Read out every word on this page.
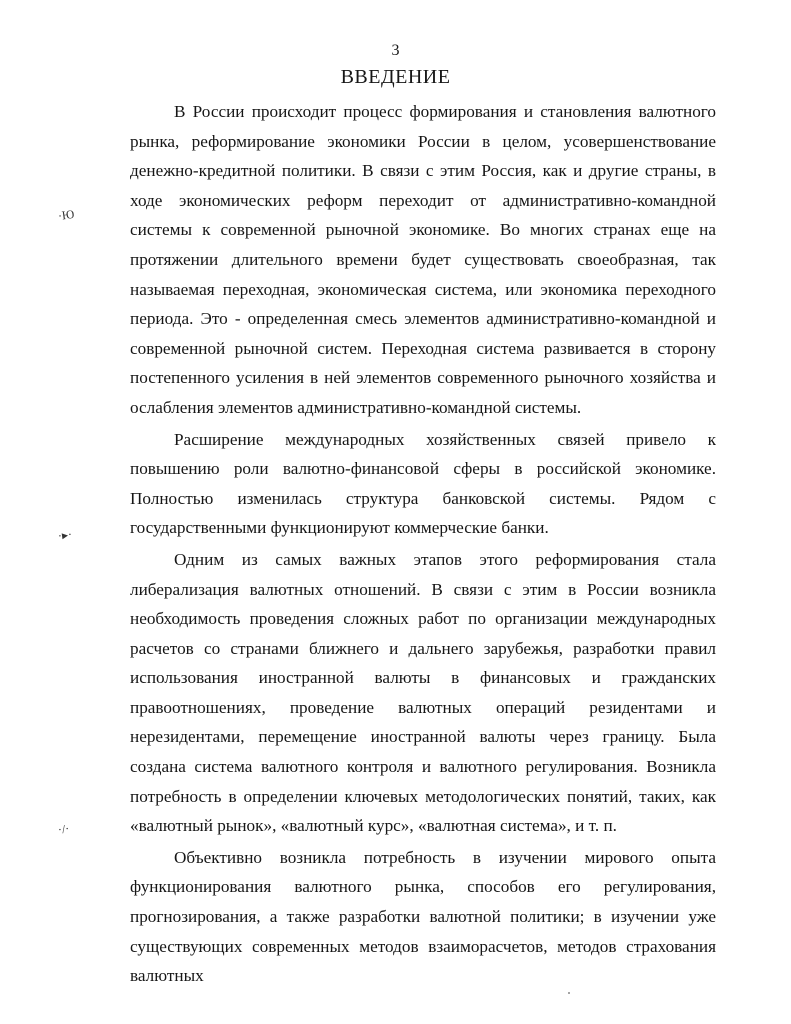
3
ВВЕДЕНИЕ

В России происходит процесс формирования и становления валютного рынка, реформирование экономики России в целом, усовершенствование денежно-кредитной политики. В связи с этим Россия, как и другие страны, в ходе экономических реформ переходит от административно-командной системы к современной рыночной экономике. Во многих странах еще на протяжении длительного времени будет существовать своеобразная, так называемая переходная, экономическая система, или экономика переходного периода. Это - определенная смесь элементов административно-командной и современной рыночной систем. Переходная система развивается в сторону постепенного усиления в ней элементов современного рыночного хозяйства и ослабления элементов административно-командной системы.

Расширение международных хозяйственных связей привело к повышению роли валютно-финансовой сферы в российской экономике. Полностью изменилась структура банковской системы. Рядом с государственными функционируют коммерческие банки.

Одним из самых важных этапов этого реформирования стала либерализация валютных отношений. В связи с этим в России возникла необходимость проведения сложных работ по организации международных расчетов со странами ближнего и дальнего зарубежья, разработки правил использования иностранной валюты в финансовых и гражданских правоотношениях, проведение валютных операций резидентами и нерезидентами, перемещение иностранной валюты через границу. Была создана система валютного контроля и валютного регулирования. Возникла потребность в определении ключевых методологических понятий, таких, как «валютный рынок», «валютный курс», «валютная система», и т. п.

Объективно возникла потребность в изучении мирового опыта функционирования валютного рынка, способов его регулирования, прогнозирования, а также разработки валютной политики; в изучении уже существующих современных методов взаиморасчетов, методов страхования валютных

·Ю
·▸·
·/·
